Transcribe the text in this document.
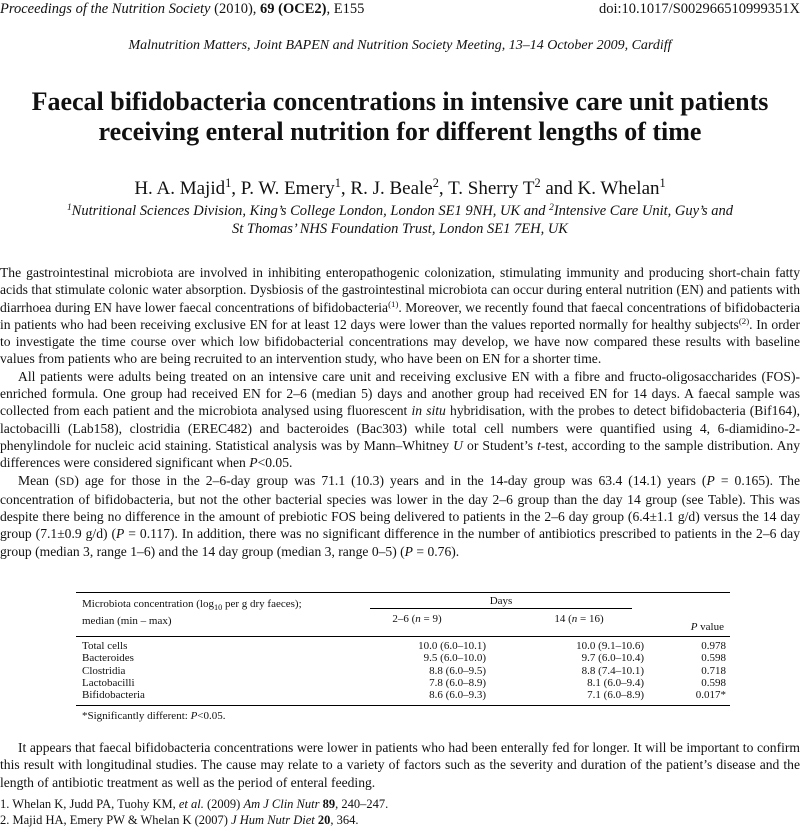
Proceedings of the Nutrition Society (2010), 69 (OCE2), E155	doi:10.1017/S002966510999351X
Malnutrition Matters, Joint BAPEN and Nutrition Society Meeting, 13–14 October 2009, Cardiff
Faecal bifidobacteria concentrations in intensive care unit patients
receiving enteral nutrition for different lengths of time
H. A. Majid$^1$, P. W. Emery$^1$, R. J. Beale$^2$, T. Sherry $T^2$ and K. Whelan$^1$
$^1$Nutritional Sciences Division, King’s College London, London SE1 9NH, UK and $^2$Intensive Care Unit, Guy’s and
St Thomas’ NHS Foundation Trust, London SE1 7EH, UK

The gastrointestinal microbiota are involved in inhibiting enteropathogenic colonization, stimulating immunity and producing short-chain fatty acids that stimulate colonic water absorption. Dysbiosis of the gastrointestinal microbiota can occur during enteral nutrition (EN) and patients with diarrhoea during EN have lower faecal concentrations of bifidobacteria$^{(1)}$. Moreover, we recently found that faecal concentrations of bifidobacteria in patients who had been receiving exclusive EN for at least 12 days were lower than the values reported normally for healthy subjects$^{(2)}$. In order to investigate the time course over which low bifidobacterial concentrations may develop, we have now compared these results with baseline values from patients who are being recruited to an intervention study, who have been on EN for a shorter time.

All patients were adults being treated on an intensive care unit and receiving exclusive EN with a fibre and fructo-oligosaccharides (FOS)-enriched formula. One group had received EN for 2–6 (median 5) days and another group had received EN for 14 days. A faecal sample was collected from each patient and the microbiota analysed using fluorescent in situ hybridisation, with the probes to detect bifidobacteria (Bif164), lactobacilli (Lab158), clostridia (EREC482) and bacteroides (Bac303) while total cell numbers were quantified using 4, 6-diamidino-2-phenylindole for nucleic acid staining. Statistical analysis was by Mann–Whitney U or Student’s t-test, according to the sample distribution. Any differences were considered significant when P<0.05.

Mean (SD) age for those in the 2–6-day group was 71.1 (10.3) years and in the 14-day group was 63.4 (14.1) years (P = 0.165). The concentration of bifidobacteria, but not the other bacterial species was lower in the day 2–6 group than the day 14 group (see Table). This was despite there being no difference in the amount of prebiotic FOS being delivered to patients in the 2–6 day group (6.4±1.1 g/d) versus the 14 day group (7.1±0.9 g/d) (P = 0.117). In addition, there was no significant difference in the number of antibiotics prescribed to patients in the 2–6 day group (median 3, range 1–6) and the 14 day group (median 3, range 0–5) (P = 0.76).

Microbiota concentration ($\log_{10}$ per g dry faeces);
median (min – max)
Days
2–6 (n = 9)	14 (n = 16)
P value
Total cells	10.0 (6.0–10.1)	10.0 (9.1–10.6)	0.978
Bacteroides	9.5 (6.0–10.0)	9.7 (6.0–10.4)	0.598
Clostridia	8.8 (6.0–9.5)	8.8 (7.4–10.1)	0.718
Lactobacilli	7.8 (6.0–8.9)	8.1 (6.0–9.4)	0.598
Bifidobacteria	8.6 (6.0–9.3)	7.1 (6.0–8.9)	0.017*
*Significantly different: P<0.05.

It appears that faecal bifidobacteria concentrations were lower in patients who had been enterally fed for longer. It will be important to confirm this result with longitudinal studies. The cause may relate to a variety of factors such as the severity and duration of the patient’s disease and the length of antibiotic treatment as well as the period of enteral feeding.

1. Whelan K, Judd PA, Tuohy KM, et al. (2009) Am J Clin Nutr 89, 240–247.
2. Majid HA, Emery PW & Whelan K (2007) J Hum Nutr Diet 20, 364.
